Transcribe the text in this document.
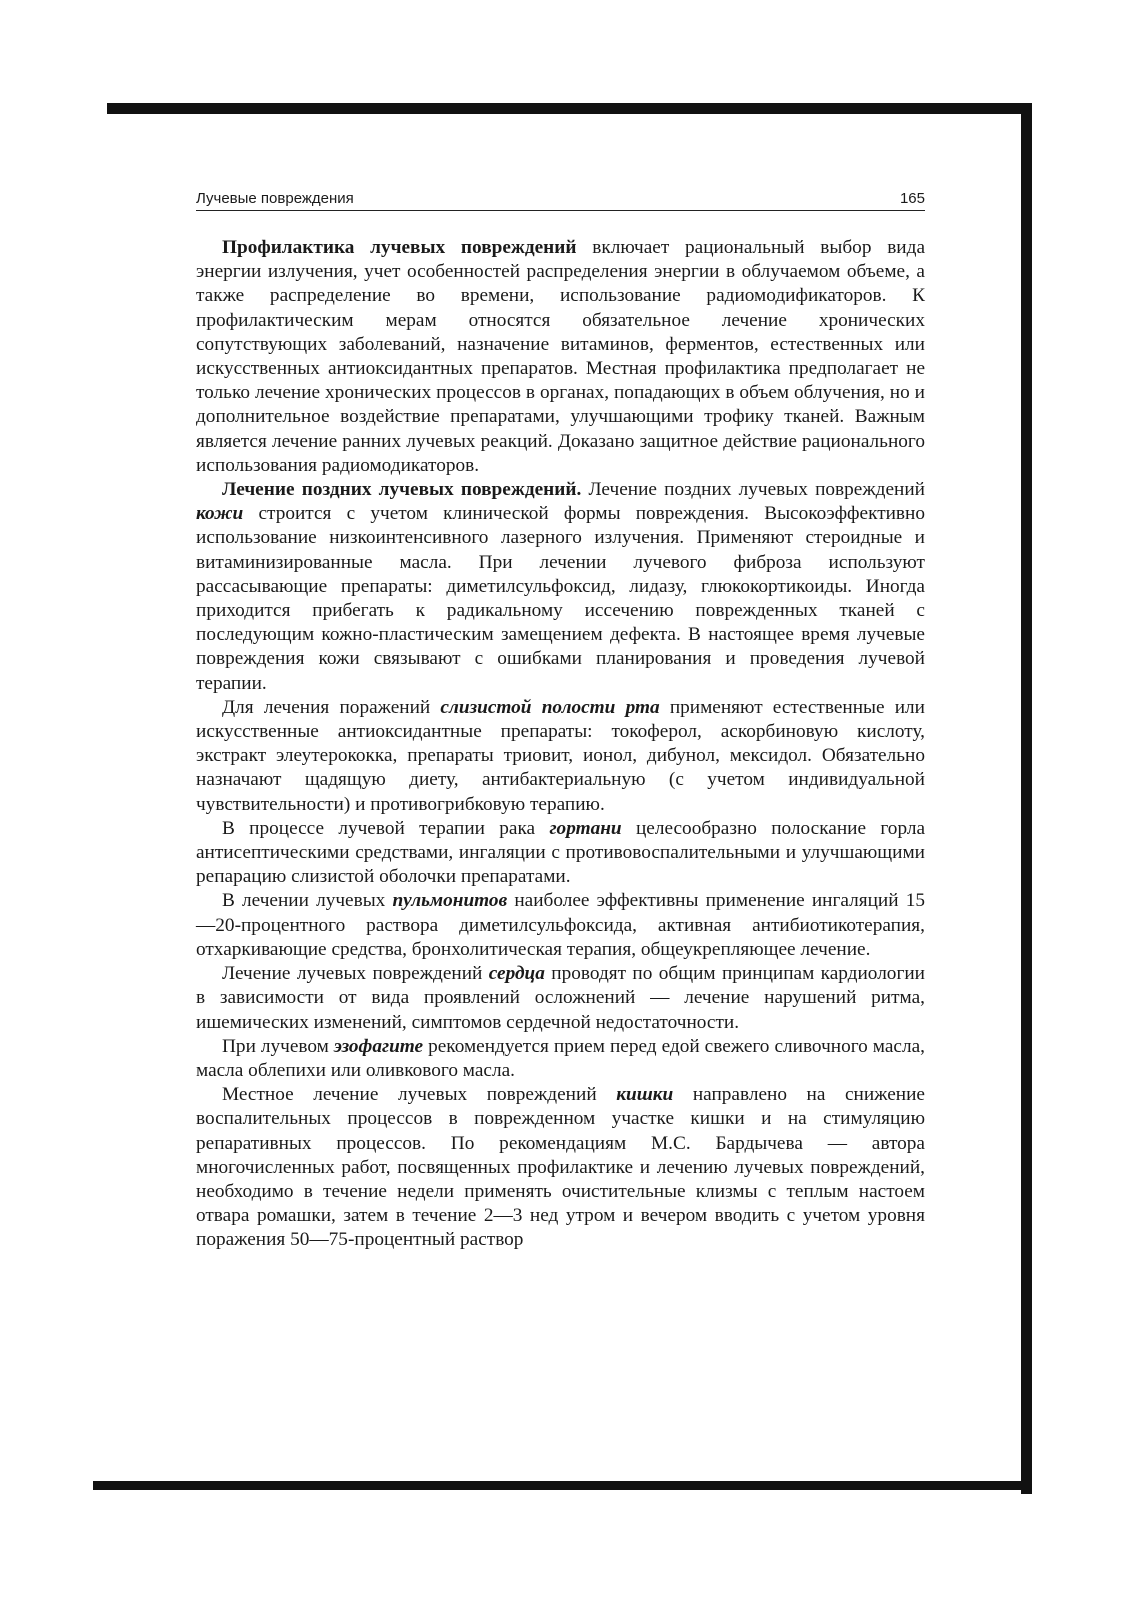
Лучевые повреждения	165

Профилактика лучевых повреждений включает рациональный выбор вида энергии излучения, учет особенностей распределения энергии в облучаемом объеме, а также распределение во времени, использование радиомодификаторов. К профилактическим мерам относятся обязательное лечение хронических сопутствующих заболеваний, назначение витаминов, ферментов, естественных или искусственных антиоксидантных препаратов. Местная профилактика предполагает не только лечение хронических процессов в органах, попадающих в объем облучения, но и дополнительное воздействие препаратами, улучшающими трофику тканей. Важным является лечение ранних лучевых реакций. Доказано защитное действие рационального использования радиомодикаторов.

Лечение поздних лучевых повреждений. Лечение поздних лучевых повреждений кожи строится с учетом клинической формы повреждения. Высокоэффективно использование низкоинтенсивного лазерного излучения. Применяют стероидные и витаминизированные масла. При лечении лучевого фиброза используют рассасывающие препараты: диметилсульфоксид, лидазу, глюкокортикоиды. Иногда приходится прибегать к радикальному иссечению поврежденных тканей с последующим кожно-пластическим замещением дефекта. В настоящее время лучевые повреждения кожи связывают с ошибками планирования и проведения лучевой терапии.

Для лечения поражений слизистой полости рта применяют естественные или искусственные антиоксидантные препараты: токоферол, аскорбиновую кислоту, экстракт элеутерококка, препараты триовит, ионол, дибунол, мексидол. Обязательно назначают щадящую диету, антибактериальную (с учетом индивидуальной чувствительности) и противогрибковую терапию.

В процессе лучевой терапии рака гортани целесообразно полоскание горла антисептическими средствами, ингаляции с противовоспалительными и улучшающими репарацию слизистой оболочки препаратами.

В лечении лучевых пульмонитов наиболее эффективны применение ингаляций 15—20-процентного раствора диметилсульфоксида, активная антибиотикотерапия, отхаркивающие средства, бронхолитическая терапия, общеукрепляющее лечение.

Лечение лучевых повреждений сердца проводят по общим принципам кардиологии в зависимости от вида проявлений осложнений — лечение нарушений ритма, ишемических изменений, симптомов сердечной недостаточности.

При лучевом эзофагите рекомендуется прием перед едой свежего сливочного масла, масла облепихи или оливкового масла.

Местное лечение лучевых повреждений кишки направлено на снижение воспалительных процессов в поврежденном участке кишки и на стимуляцию репаративных процессов. По рекомендациям М.С. Бардычева — автора многочисленных работ, посвященных профилактике и лечению лучевых повреждений, необходимо в течение недели применять очистительные клизмы с теплым настоем отвара ромашки, затем в течение 2—3 нед утром и вечером вводить с учетом уровня поражения 50—75-процентный раствор
